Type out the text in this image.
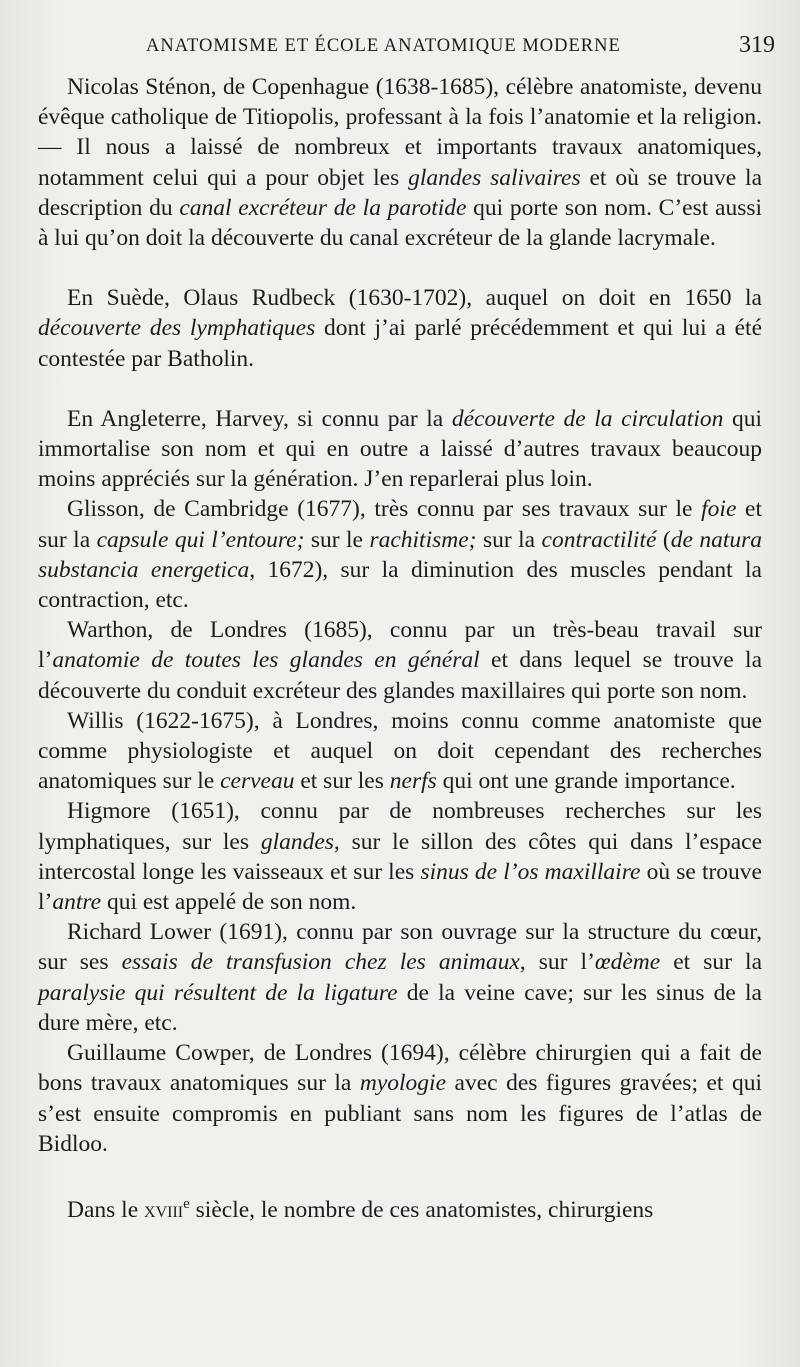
ANATOMISME ET ÉCOLE ANATOMIQUE MODERNE	319

Nicolas Sténon, de Copenhague (1638-1685), célèbre anatomiste, devenu évêque catholique de Titiopolis, professant à la fois l’anatomie et la religion. — Il nous a laissé de nombreux et importants travaux anatomiques, notamment celui qui a pour objet les glandes salivaires et où se trouve la description du canal excréteur de la parotide qui porte son nom. C’est aussi à lui qu’on doit la découverte du canal excréteur de la glande lacrymale.

En Suède, Olaus Rudbeck (1630-1702), auquel on doit en 1650 la découverte des lymphatiques dont j’ai parlé précédemment et qui lui a été contestée par Batholin.

En Angleterre, Harvey, si connu par la découverte de la circulation qui immortalise son nom et qui en outre a laissé d’autres travaux beaucoup moins appréciés sur la génération. J’en reparlerai plus loin.

Glisson, de Cambridge (1677), très connu par ses travaux sur le foie et sur la capsule qui l’entoure; sur le rachitisme; sur la contractilité (de natura substancia energetica, 1672), sur la diminution des muscles pendant la contraction, etc.

Warthon, de Londres (1685), connu par un très-beau travail sur l’anatomie de toutes les glandes en général et dans lequel se trouve la découverte du conduit excréteur des glandes maxillaires qui porte son nom.

Willis (1622-1675), à Londres, moins connu comme anatomiste que comme physiologiste et auquel on doit cependant des recherches anatomiques sur le cerveau et sur les nerfs qui ont une grande importance.

Higmore (1651), connu par de nombreuses recherches sur les lymphatiques, sur les glandes, sur le sillon des côtes qui dans l’espace intercostal longe les vaisseaux et sur les sinus de l’os maxillaire où se trouve l’antre qui est appelé de son nom.

Richard Lower (1691), connu par son ouvrage sur la structure du cœur, sur ses essais de transfusion chez les animaux, sur l’œdème et sur la paralysie qui résultent de la ligature de la veine cave; sur les sinus de la dure mère, etc.

Guillaume Cowper, de Londres (1694), célèbre chirurgien qui a fait de bons travaux anatomiques sur la myologie avec des figures gravées; et qui s’est ensuite compromis en publiant sans nom les figures de l’atlas de Bidloo.

Dans le xviii$^e$ siècle, le nombre de ces anatomistes, chirurgiens
